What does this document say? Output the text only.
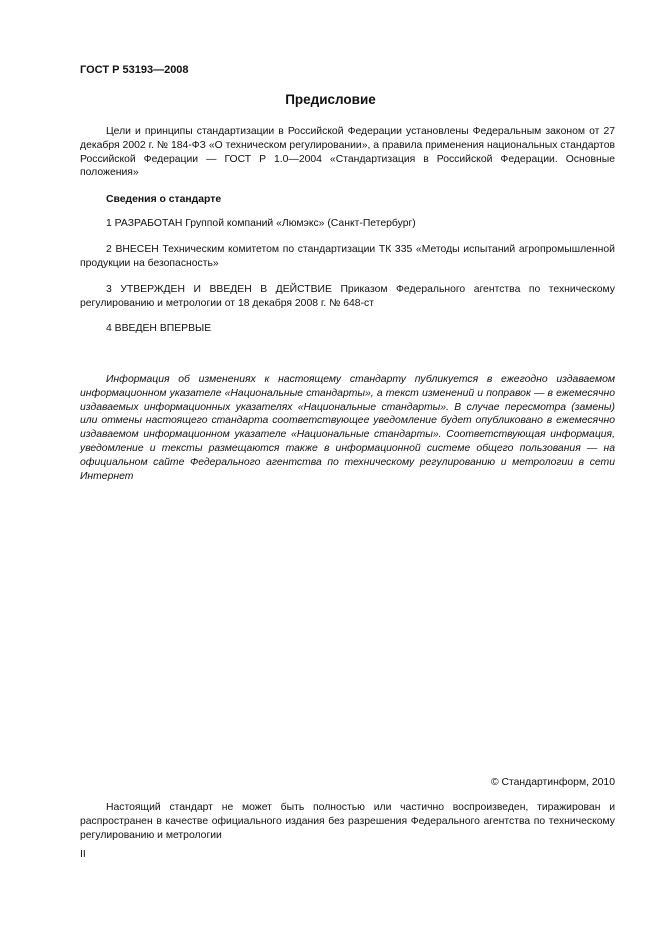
ГОСТ Р 53193—2008
Предисловие
Цели и принципы стандартизации в Российской Федерации установлены Федеральным законом от 27 декабря 2002 г. № 184-ФЗ «О техническом регулировании», а правила применения национальных стандартов Российской Федерации — ГОСТ Р 1.0—2004 «Стандартизация в Российской Федерации. Основные положения»
Сведения о стандарте
1 РАЗРАБОТАН Группой компаний «Люмэкс» (Санкт-Петербург)
2 ВНЕСЕН Техническим комитетом по стандартизации ТК 335 «Методы испытаний агропромышленной продукции на безопасность»
3 УТВЕРЖДЕН И ВВЕДЕН В ДЕЙСТВИЕ Приказом Федерального агентства по техническому регулированию и метрологии от 18 декабря 2008 г. № 648-ст
4 ВВЕДЕН ВПЕРВЫЕ
Информация об изменениях к настоящему стандарту публикуется в ежегодно издаваемом информационном указателе «Национальные стандарты», а текст изменений и поправок — в ежемесячно издаваемых информационных указателях «Национальные стандарты». В случае пересмотра (замены) или отмены настоящего стандарта соответствующее уведомление будет опубликовано в ежемесячно издаваемом информационном указателе «Национальные стандарты». Соответствующая информация, уведомление и тексты размещаются также в информационной системе общего пользования — на официальном сайте Федерального агентства по техническому регулированию и метрологии в сети Интернет
© Стандартинформ, 2010
Настоящий стандарт не может быть полностью или частично воспроизведен, тиражирован и распространен в качестве официального издания без разрешения Федерального агентства по техническому регулированию и метрологии
II
